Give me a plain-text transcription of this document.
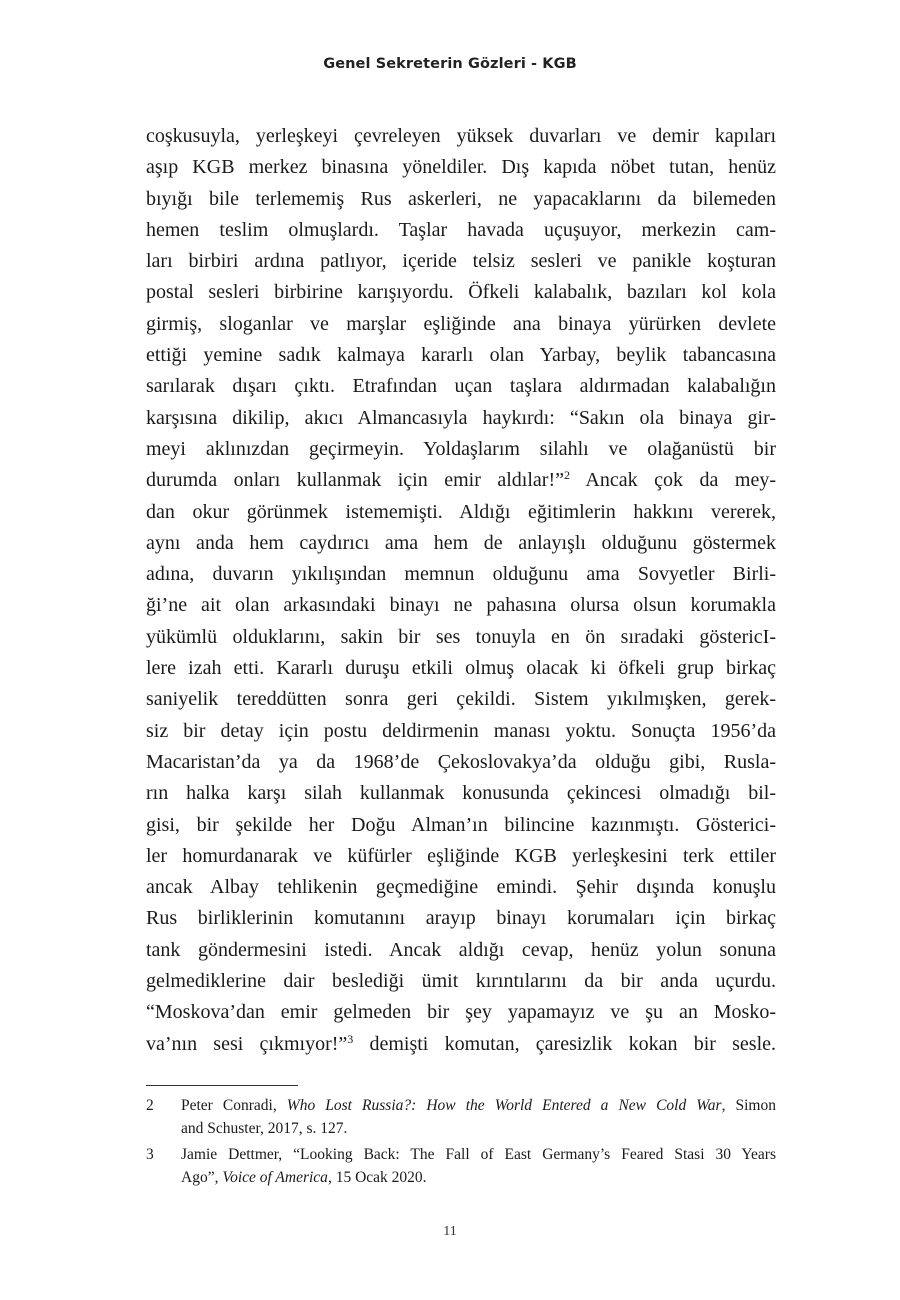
Genel Sekreterin Gözleri - KGB
coşkusuyla, yerleşkeyi çevreleyen yüksek duvarları ve demir kapıları
aşıp KGB merkez binasına yöneldiler. Dış kapıda nöbet tutan, henüz
bıyığı bile terlememiş Rus askerleri, ne yapacaklarını da bilemeden
hemen teslim olmuşlardı. Taşlar havada uçuşuyor, merkezin cam-
ları birbiri ardına patlıyor, içeride telsiz sesleri ve panikle koşturan
postal sesleri birbirine karışıyordu. Öfkeli kalabalık, bazıları kol kola
girmiş, sloganlar ve marşlar eşliğinde ana binaya yürürken devlete
ettiği yemine sadık kalmaya kararlı olan Yarbay, beylik tabancasına
sarılarak dışarı çıktı. Etrafından uçan taşlara aldırmadan kalabalığın
karşısına dikilip, akıcı Almancasıyla haykırdı: “Sakın ola binaya gir-
meyi aklınızdan geçirmeyin. Yoldaşlarım silahlı ve olağanüstü bir
durumda onları kullanmak için emir aldılar!”$^2$ Ancak çok da mey-
dan okur görünmek istememişti. Aldığı eğitimlerin hakkını vererek,
aynı anda hem caydırıcı ama hem de anlayışlı olduğunu göstermek
adına, duvarın yıkılışından memnun olduğunu ama Sovyetler Birli-
ği’ne ait olan arkasındaki binayı ne pahasına olursa olsun korumakla
yükümlü olduklarını, sakin bir ses tonuyla en ön sıradaki göstericI-
lere izah etti. Kararlı duruşu etkili olmuş olacak ki öfkeli grup birkaç
saniyelik tereddütten sonra geri çekildi. Sistem yıkılmışken, gerek-
siz bir detay için postu deldirmenin manası yoktu. Sonuçta 1956’da
Macaristan’da ya da 1968’de Çekoslovakya’da olduğu gibi, Rusla-
rın halka karşı silah kullanmak konusunda çekincesi olmadığı bil-
gisi, bir şekilde her Doğu Alman’ın bilincine kazınmıştı. Gösterici-
ler homurdanarak ve küfürler eşliğinde KGB yerleşkesini terk ettiler
ancak Albay tehlikenin geçmediğine emindi. Şehir dışında konuşlu
Rus birliklerinin komutanını arayıp binayı korumaları için birkaç
tank göndermesini istedi. Ancak aldığı cevap, henüz yolun sonuna
gelmediklerine dair beslediği ümit kırıntılarını da bir anda uçurdu.
“Moskova’dan emir gelmeden bir şey yapamayız ve şu an Mosko-
va’nın sesi çıkmıyor!”$^3$ demişti komutan, çaresizlik kokan bir sesle.
2 Peter Conradi, Who Lost Russia?: How the World Entered a New Cold War, Simon
and Schuster, 2017, s. 127.
3 Jamie Dettmer, “Looking Back: The Fall of East Germany’s Feared Stasi 30 Years
Ago”, Voice of America, 15 Ocak 2020.
11
